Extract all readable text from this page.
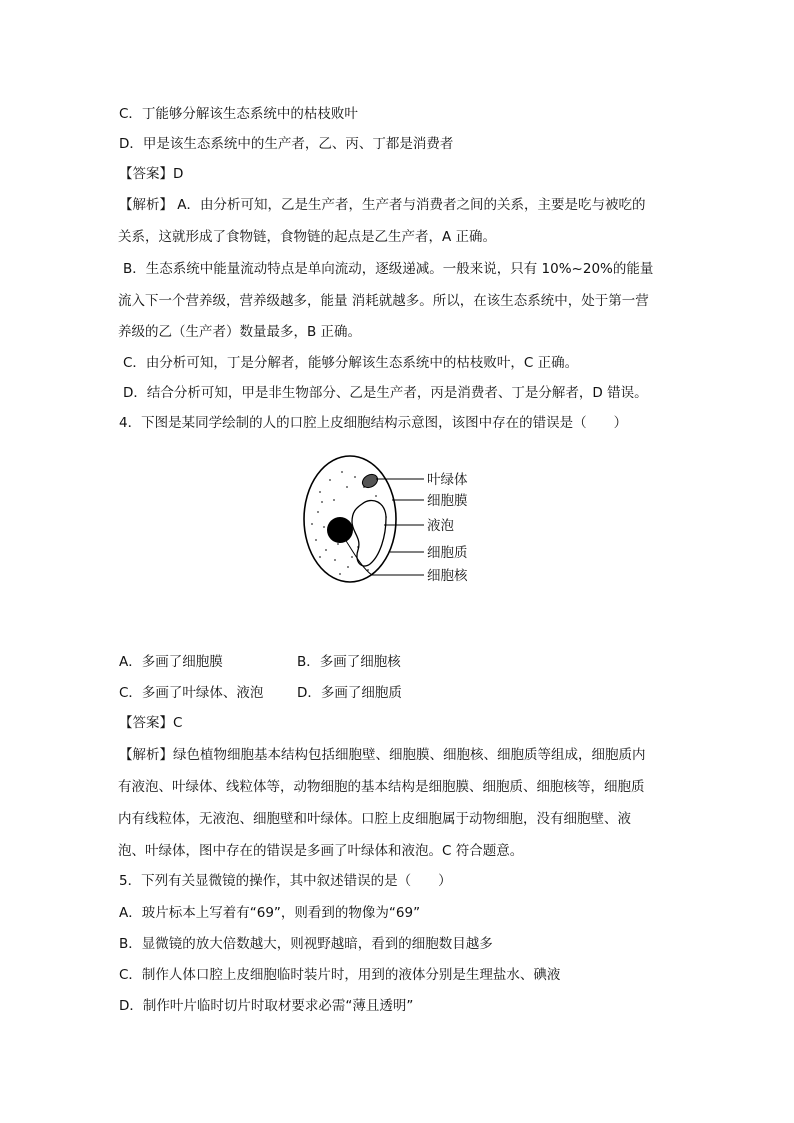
C．丁能够分解该生态系统中的枯枝败叶
D．甲是该生态系统中的生产者，乙、丙、丁都是消费者
【答案】D
【解析】 A．由分析可知，乙是生产者，生产者与消费者之间的关系，主要是吃与被吃的
关系，这就形成了食物链，食物链的起点是乙生产者，A 正确。
B．生态系统中能量流动特点是单向流动，逐级递减。一般来说，只有 10%~20%的能量
流入下一个营养级，营养级越多，能量 消耗就越多。所以，在该生态系统中，处于第一营
养级的乙（生产者）数量最多，B 正确。
C．由分析可知，丁是分解者，能够分解该生态系统中的枯枝败叶，C 正确。
D．结合分析可知，甲是非生物部分、乙是生产者，丙是消费者、丁是分解者，D 错误。
4．下图是某同学绘制的人的口腔上皮细胞结构示意图，该图中存在的错误是（　　）
叶绿体
细胞膜
液泡
细胞质
细胞核
A．多画了细胞膜	B．多画了细胞核
C．多画了叶绿体、液泡 D．多画了细胞质
【答案】C
【解析】绿色植物细胞基本结构包括细胞壁、细胞膜、细胞核、细胞质等组成，细胞质内
有液泡、叶绿体、线粒体等，动物细胞的基本结构是细胞膜、细胞质、细胞核等，细胞质
内有线粒体，无液泡、细胞壁和叶绿体。口腔上皮细胞属于动物细胞，没有细胞壁、液
泡、叶绿体，图中存在的错误是多画了叶绿体和液泡。C 符合题意。
5．下列有关显微镜的操作，其中叙述错误的是（　　）
A．玻片标本上写着有“69”，则看到的物像为“69”
B．显微镜的放大倍数越大，则视野越暗，看到的细胞数目越多
C．制作人体口腔上皮细胞临时装片时，用到的液体分别是生理盐水、碘液
D．制作叶片临时切片时取材要求必需“薄且透明”
